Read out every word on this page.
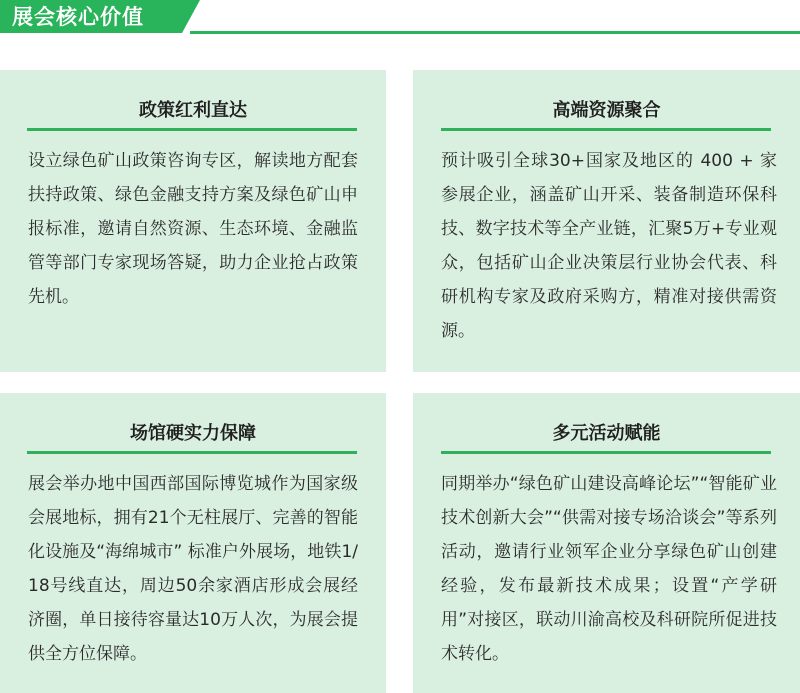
展会核心价值
政策红利直达
设立绿色矿山政策咨询专区，解读地方配套扶持政策、绿色金融支持方案及绿色矿山申报标准，邀请自然资源、生态环境、金融监管等部门专家现场答疑，助力企业抢占政策先机。
高端资源聚合
预计吸引全球30+国家及地区的 400 + 家参展企业，涵盖矿山开采、装备制造环保科技、数字技术等全产业链，汇聚5万+专业观众，包括矿山企业决策层行业协会代表、科研机构专家及政府采购方，精准对接供需资源。
场馆硬实力保障
展会举办地中国西部国际博览城作为国家级会展地标，拥有21个无柱展厅、完善的智能化设施及“海绵城市” 标准户外展场，地铁1/18号线直达，周边50余家酒店形成会展经济圈，单日接待容量达10万人次，为展会提供全方位保障。
多元活动赋能
同期举办“绿色矿山建设高峰论坛”“智能矿业技术创新大会”“供需对接专场洽谈会”等系列活动，邀请行业领军企业分享绿色矿山创建经验，发布最新技术成果；设置“产学研用”对接区，联动川渝高校及科研院所促进技术转化。
